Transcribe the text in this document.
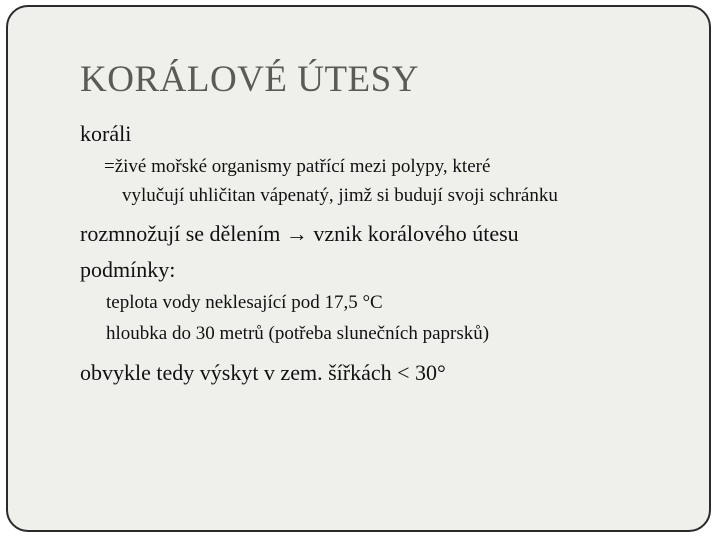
KORÁLOVÉ ÚTESY
koráli
=živé mořské organismy patřící mezi polypy, které
vylučují uhličitan vápenatý, jimž si budují svoji schránku
rozmnožují se dělením → vznik korálového útesu
podmínky:
teplota vody neklesající pod 17,5 °C
hloubka do 30 metrů (potřeba slunečních paprsků)
obvykle tedy výskyt v zem. šířkách < 30°
